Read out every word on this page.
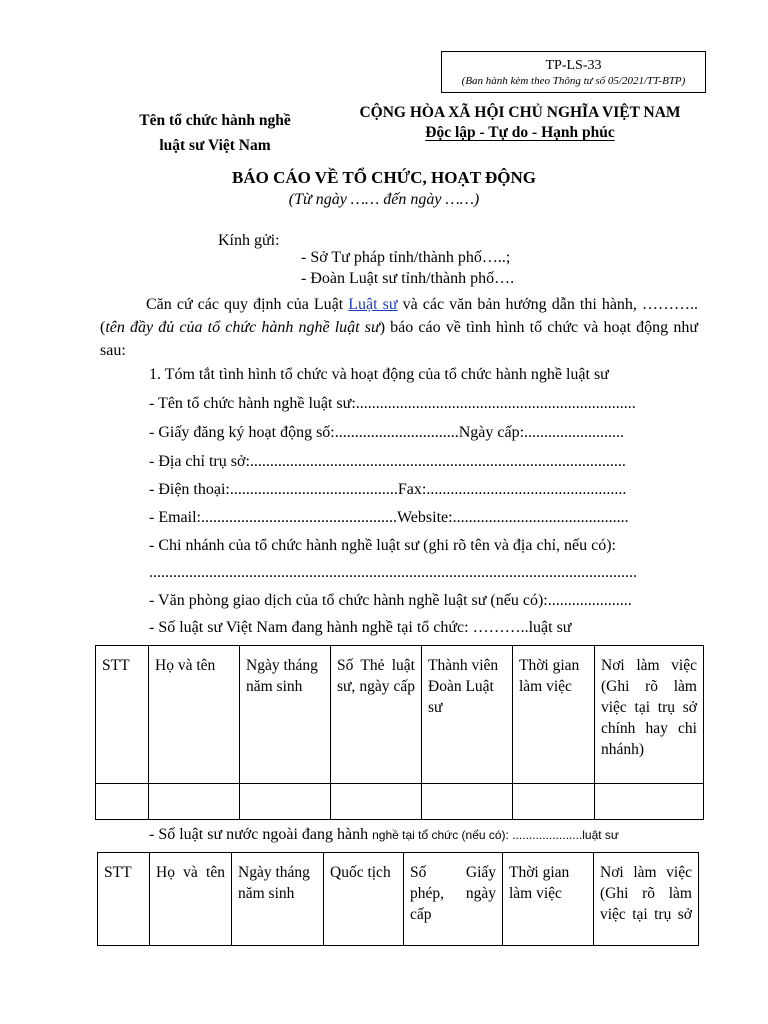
TP-LS-33
(Ban hành kèm theo Thông tư số 05/2021/TT-BTP)
Tên tổ chức hành nghề
luật sư Việt Nam
CỘNG HÒA XÃ HỘI CHỦ NGHĨA VIỆT NAM
Độc lập - Tự do - Hạnh phúc
BÁO CÁO VỀ TỔ CHỨC, HOẠT ĐỘNG
(Từ ngày …… đến ngày ……)
Kính gửi:
- Sở Tư pháp tỉnh/thành phố…..;
- Đoàn Luật sư tỉnh/thành phố….
Căn cứ các quy định của Luật Luật sư và các văn bản hướng dẫn thi hành, ……….. (tên đầy đủ của tổ chức hành nghề luật sư) báo cáo về tình hình tổ chức và hoạt động như sau:
1. Tóm tắt tình hình tổ chức và hoạt động của tổ chức hành nghề luật sư
- Tên tổ chức hành nghề luật sư:......................................................................
- Giấy đăng ký hoạt động số:...............................Ngày cấp:.........................
- Địa chỉ trụ sở:..............................................................................................
- Điện thoại:..........................................Fax:..................................................
- Email:.................................................Website:............................................
- Chi nhánh của tổ chức hành nghề luật sư (ghi rõ tên và địa chỉ, nếu có):
..........................................................................................................................
- Văn phòng giao dịch của tổ chức hành nghề luật sư (nếu có):.....................
- Số luật sư Việt Nam đang hành nghề tại tổ chức: ………..luật sư
STT	Họ và tên	Ngày tháng năm sinh	Số Thẻ luật sư, ngày cấp	Thành viên Đoàn Luật sư	Thời gian làm việc	Nơi làm việc (Ghi rõ làm việc tại trụ sở chính hay chi nhánh)

- Số luật sư nước ngoài đang hành nghề tại tổ chức (nếu có): .....................luật sư
STT	Họ và tên	Ngày tháng năm sinh	Quốc tịch	Số Giấy phép, ngày cấp	Thời gian làm việc	Nơi làm việc (Ghi rõ làm việc tại trụ sở
